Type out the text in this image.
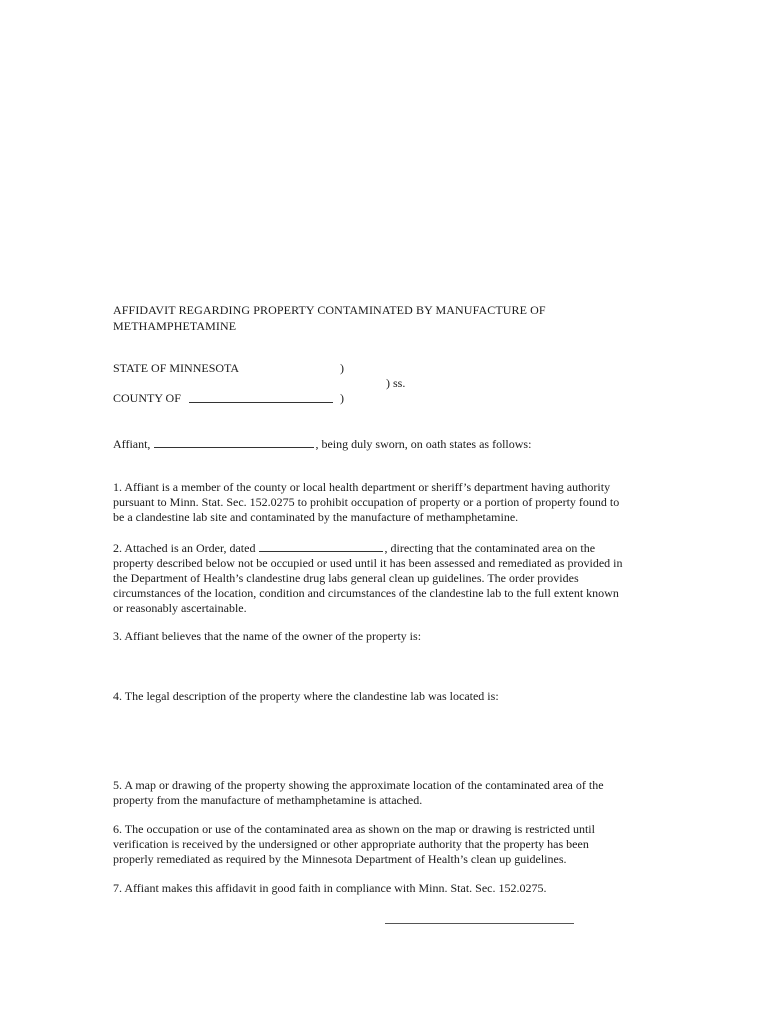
AFFIDAVIT REGARDING PROPERTY CONTAMINATED BY MANUFACTURE OF
METHAMPHETAMINE
STATE OF MINNESOTA	)
) ss.
COUNTY OF	)
Affiant,	, being duly sworn, on oath states as follows:
1. Affiant is a member of the county or local health department or sheriff’s department having authority
pursuant to Minn. Stat. Sec. 152.0275 to prohibit occupation of property or a portion of property found to
be a clandestine lab site and contaminated by the manufacture of methamphetamine.
2. Attached is an Order, dated	, directing that the contaminated area on the
property described below not be occupied or used until it has been assessed and remediated as provided in
the Department of Health’s clandestine drug labs general clean up guidelines. The order provides
circumstances of the location, condition and circumstances of the clandestine lab to the full extent known
or reasonably ascertainable.
3. Affiant believes that the name of the owner of the property is:
4. The legal description of the property where the clandestine lab was located is:
5. A map or drawing of the property showing the approximate location of the contaminated area of the
property from the manufacture of methamphetamine is attached.
6. The occupation or use of the contaminated area as shown on the map or drawing is restricted until
verification is received by the undersigned or other appropriate authority that the property has been
properly remediated as required by the Minnesota Department of Health’s clean up guidelines.
7. Affiant makes this affidavit in good faith in compliance with Minn. Stat. Sec. 152.0275.
